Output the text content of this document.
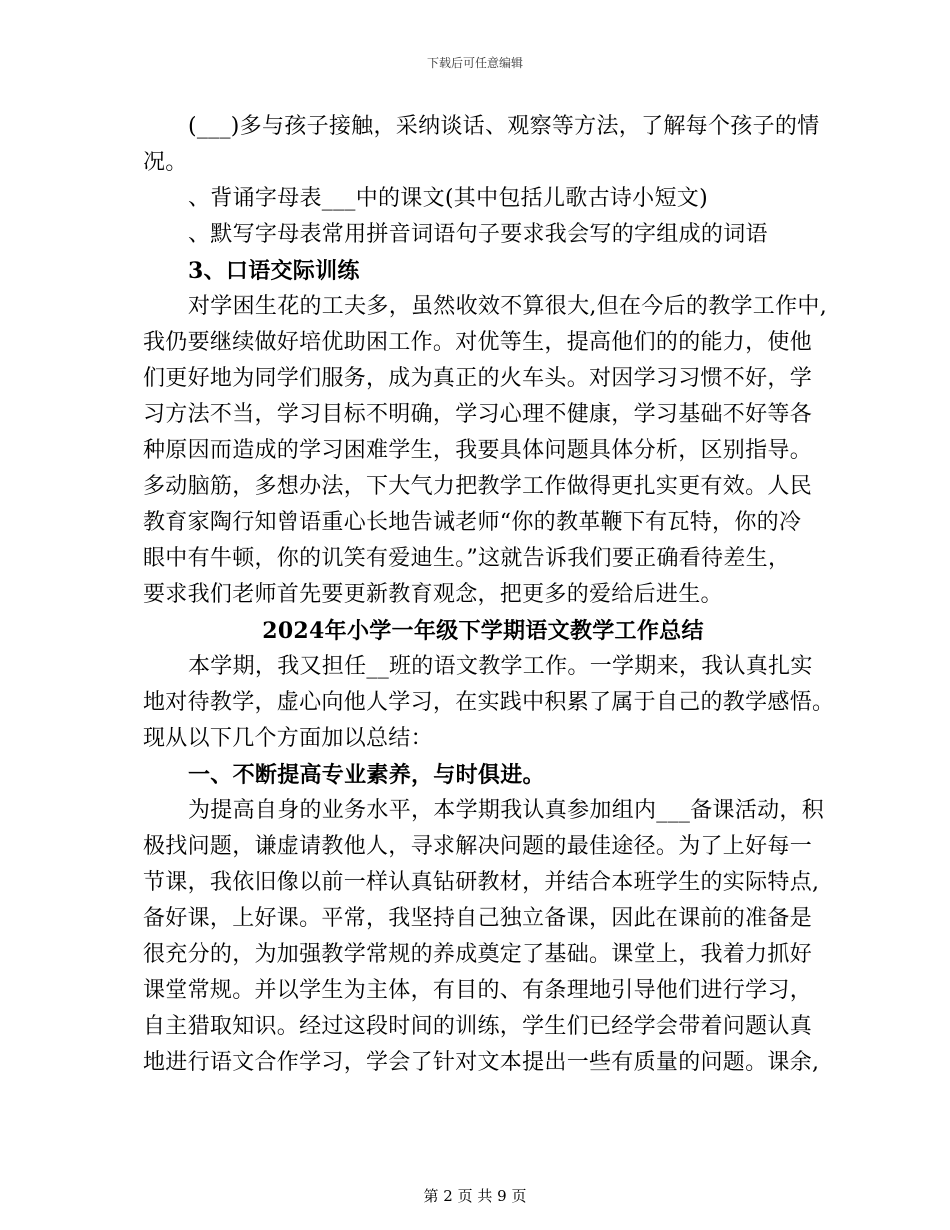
下载后可任意编辑
(___)多与孩子接触，采纳谈话、观察等方法，了解每个孩子的情
况。
、背诵字母表___中的课文(其中包括儿歌古诗小短文)
、默写字母表常用拼音词语句子要求我会写的字组成的词语
3、口语交际训练
对学困生花的工夫多，虽然收效不算很大,但在今后的教学工作中,
我仍要继续做好培优助困工作。对优等生，提高他们的的能力，使他
们更好地为同学们服务，成为真正的火车头。对因学习习惯不好，学
习方法不当，学习目标不明确，学习心理不健康，学习基础不好等各
种原因而造成的学习困难学生，我要具体问题具体分析，区别指导。
多动脑筋，多想办法，下大气力把教学工作做得更扎实更有效。人民
教育家陶行知曾语重心长地告诫老师“你的教革鞭下有瓦特，你的冷
眼中有牛顿，你的讥笑有爱迪生。”这就告诉我们要正确看待差生，
要求我们老师首先要更新教育观念，把更多的爱给后进生。
2024年小学一年级下学期语文教学工作总结
本学期，我又担任__班的语文教学工作。一学期来，我认真扎实
地对待教学，虚心向他人学习，在实践中积累了属于自己的教学感悟。
现从以下几个方面加以总结：
一、不断提高专业素养，与时俱进。
为提高自身的业务水平，本学期我认真参加组内___备课活动，积
极找问题，谦虚请教他人，寻求解决问题的最佳途径。为了上好每一
节课，我依旧像以前一样认真钻研教材，并结合本班学生的实际特点,
备好课，上好课。平常，我坚持自己独立备课，因此在课前的准备是
很充分的，为加强教学常规的养成奠定了基础。课堂上，我着力抓好
课堂常规。并以学生为主体，有目的、有条理地引导他们进行学习，
自主猎取知识。经过这段时间的训练，学生们已经学会带着问题认真
地进行语文合作学习，学会了针对文本提出一些有质量的问题。课余,
第 2 页 共 9 页
